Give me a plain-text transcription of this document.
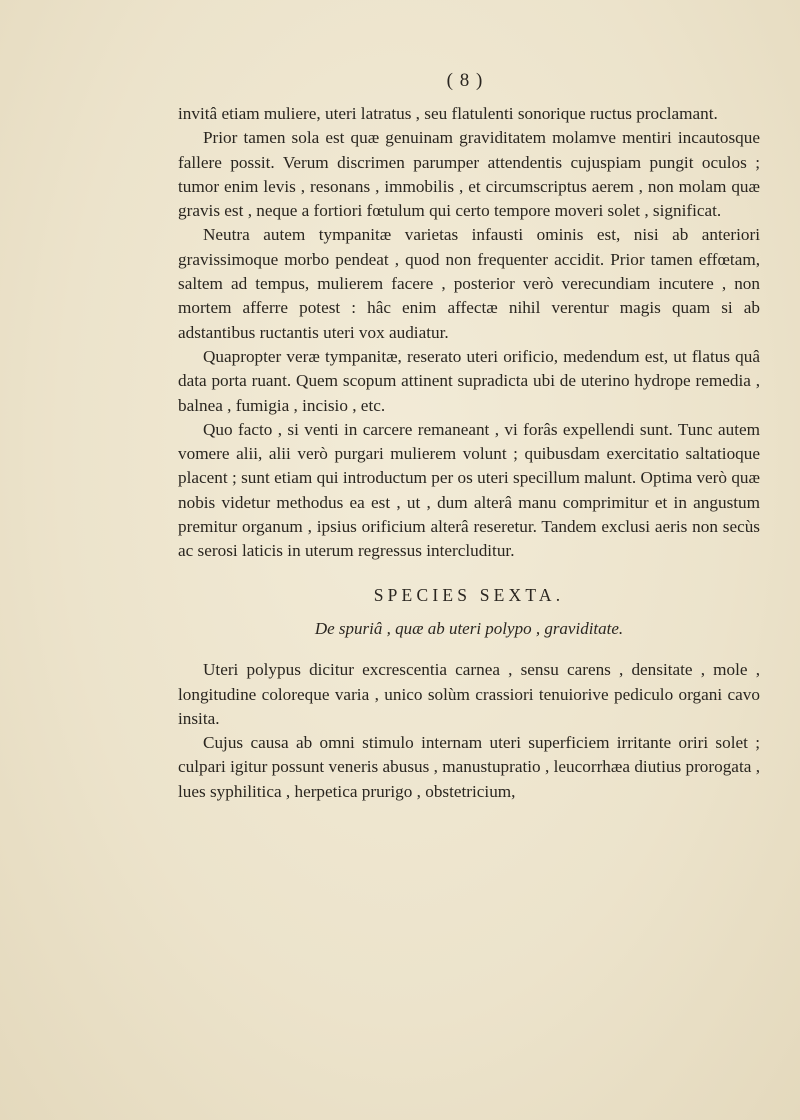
( 8 )

invitâ etiam muliere, uteri latratus , seu flatulenti sonorique ructus proclamant.

Prior tamen sola est quæ genuinam graviditatem molamve mentiri incautosque fallere possit. Verum discrimen parumper attendentis cujuspiam pungit oculos ; tumor enim levis , resonans , immobilis , et circumscriptus aerem , non molam quæ gravis est , neque a fortiori fœtulum qui certo tempore moveri solet , significat.

Neutra autem tympanitæ varietas infausti ominis est, nisi ab anteriori gravissimoque morbo pendeat , quod non frequenter accidit. Prior tamen effœtam, saltem ad tempus, mulierem facere , posterior verò verecundiam incutere , non mortem afferre potest : hâc enim affectæ nihil verentur magis quam si ab adstantibus ructantis uteri vox audiatur.

Quapropter veræ tympanitæ, reserato uteri orificio, medendum est, ut flatus quâ data porta ruant. Quem scopum attinent supradicta ubi de uterino hydrope remedia , balnea , fumigia , incisio , etc.

Quo facto , si venti in carcere remaneant , vi forâs expellendi sunt. Tunc autem vomere alii, alii verò purgari mulierem volunt ; quibusdam exercitatio saltatioque placent ; sunt etiam qui introductum per os uteri specillum malunt. Optima verò quæ nobis videtur methodus ea est , ut , dum alterâ manu comprimitur et in angustum premitur organum , ipsius orificium alterâ reseretur. Tandem exclusi aeris non secùs ac serosi laticis in uterum regressus intercluditur.

SPECIES SEXTA.
De spuriâ , quæ ab uteri polypo , graviditate.

Uteri polypus dicitur excrescentia carnea , sensu carens , densitate , mole , longitudine coloreque varia , unico solùm crassiori tenuiorive pediculo organi cavo insita.

Cujus causa ab omni stimulo internam uteri superficiem irritante oriri solet ; culpari igitur possunt veneris abusus , manustupratio , leucorrhæa diutius prorogata , lues syphilitica , herpetica prurigo , obstetricium,
